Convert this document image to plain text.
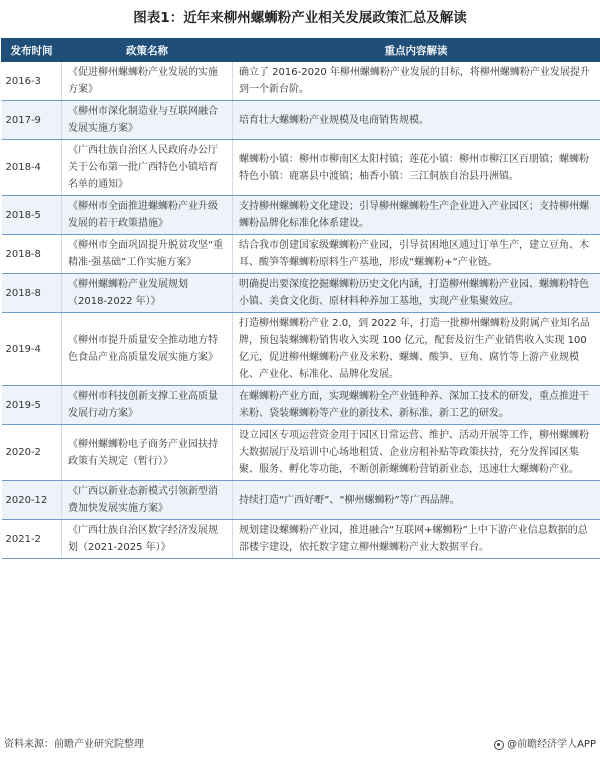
图表1：近年来柳州螺蛳粉产业相关发展政策汇总及解读
发布时间	政策名称	重点内容解读
2016-3	《促进柳州螺蛳粉产业发展的实施方案》	确立了 2016-2020 年柳州螺蛳粉产业发展的目标，将柳州螺蛳粉产业发展提升到一个新台阶。
2017-9	《柳州市深化制造业与互联网融合发展实施方案》	培育壮大螺蛳粉产业规模及电商销售规模。
2018-4	《广西壮族自治区人民政府办公厅关于公布第一批广西特色小镇培育名单的通知》	螺蛳粉小镇：柳州市柳南区太阳村镇；莲花小镇：柳州市柳江区百朋镇；螺蛳粉特色小镇：鹿寨县中渡镇；柚香小镇：三江侗族自治县丹洲镇。
2018-5	《柳州市全面推进螺蛳粉产业升级发展的若干政策措施》	支持柳州螺蛳粉文化建设；引导柳州螺蛳粉生产企业进入产业园区；支持柳州螺蛳粉品牌化标准化体系建设。
2018-8	《柳州市全面巩固提升脱贫攻坚“重精准·强基础”工作实施方案》	结合我市创建国家级螺蛳粉产业园，引导贫困地区通过订单生产，建立豆角、木耳、酸笋等螺蛳粉原料生产基地，形成“螺蛳粉+”产业链。
2018-8	《柳州螺蛳粉产业发展规划（2018-2022 年）》	明确提出要深度挖掘螺蛳粉历史文化内涵，打造柳州螺蛳粉产业园、螺蛳粉特色小镇、美食文化街、原材料种养加工基地，实现产业集聚效应。
2019-4	《柳州市提升质量安全推动地方特色食品产业高质量发展实施方案》	打造柳州螺蛳粉产业 2.0，到 2022 年，打造一批柳州螺蛳粉及附属产业知名品牌，预包装螺蛳粉销售收入实现 100 亿元，配套及衍生产业销售收入实现 100 亿元，促进柳州螺蛳粉产业及米粉、螺蛳、酸笋、豆角、腐竹等上游产业规模化、产业化、标准化、品牌化发展。
2019-5	《柳州市科技创新支撑工业高质量发展行动方案》	在螺蛳粉产业方面，实现螺蛳粉全产业链种养、深加工技术的研发，重点推进干米粉、袋装螺蛳粉等产业的新技术、新标准、新工艺的研发。
2020-2	《柳州螺蛳粉电子商务产业园扶持政策有关规定（暂行）》	设立园区专项运营资金用于园区日常运营、维护、活动开展等工作，柳州螺蛳粉大数据展厅及培训中心场地租赁、企业房租补贴等政策扶持，充分发挥园区集聚、服务、孵化等功能，不断创新螺蛳粉营销新业态，迅速壮大螺蛳粉产业。
2020-12	《广西以新业态新模式引领新型消费加快发展实施方案》	持续打造“广西好嘢”、“柳州螺蛳粉”等广西品牌。
2021-2	《广西壮族自治区数字经济发展规划（2021-2025 年）》	规划建设螺蛳粉产业园，推进融合“互联网+螺蛳粉”上中下游产业信息数据的总部楼宇建设，依托数字建立柳州螺蛳粉产业大数据平台。
资料来源：前瞻产业研究院整理	@前瞻经济学人APP
